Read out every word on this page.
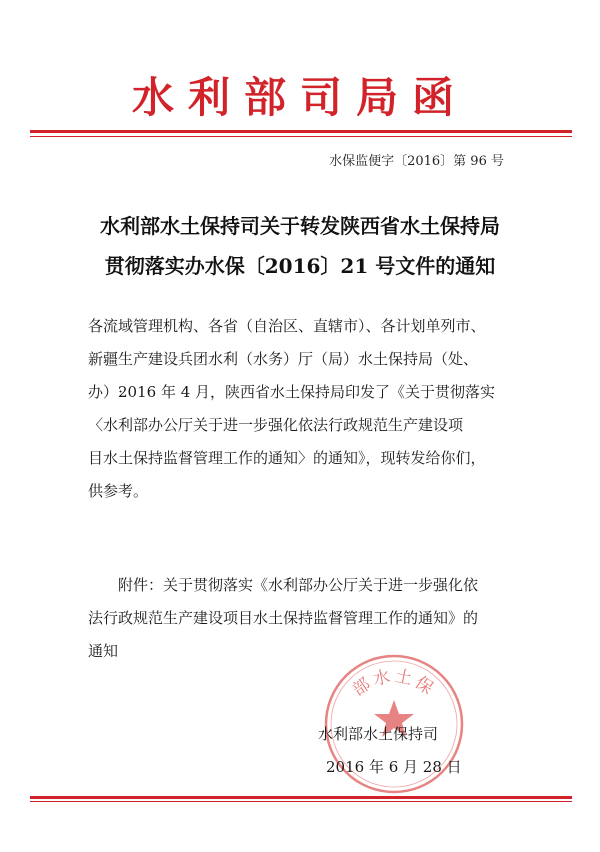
水利部司局函
水保监便字〔2016〕第 96 号
水利部水土保持司关于转发陕西省水土保持局
贯彻落实办水保〔2016〕21 号文件的通知
各流域管理机构、各省（自治区、直辖市）、各计划单列市、
新疆生产建设兵团水利（水务）厅（局）水土保持局（处、
办）:
2016 年 4 月，陕西省水土保持局印发了《关于贯彻落实
〈水利部办公厅关于进一步强化依法行政规范生产建设项
目水土保持监督管理工作的通知〉的通知》，现转发给你们，
供参考。
附件：关于贯彻落实《水利部办公厅关于进一步强化依
法行政规范生产建设项目水土保持监督管理工作的通知》的
通知
部水土保
水利部水土保持司
2016 年 6 月 28 日
